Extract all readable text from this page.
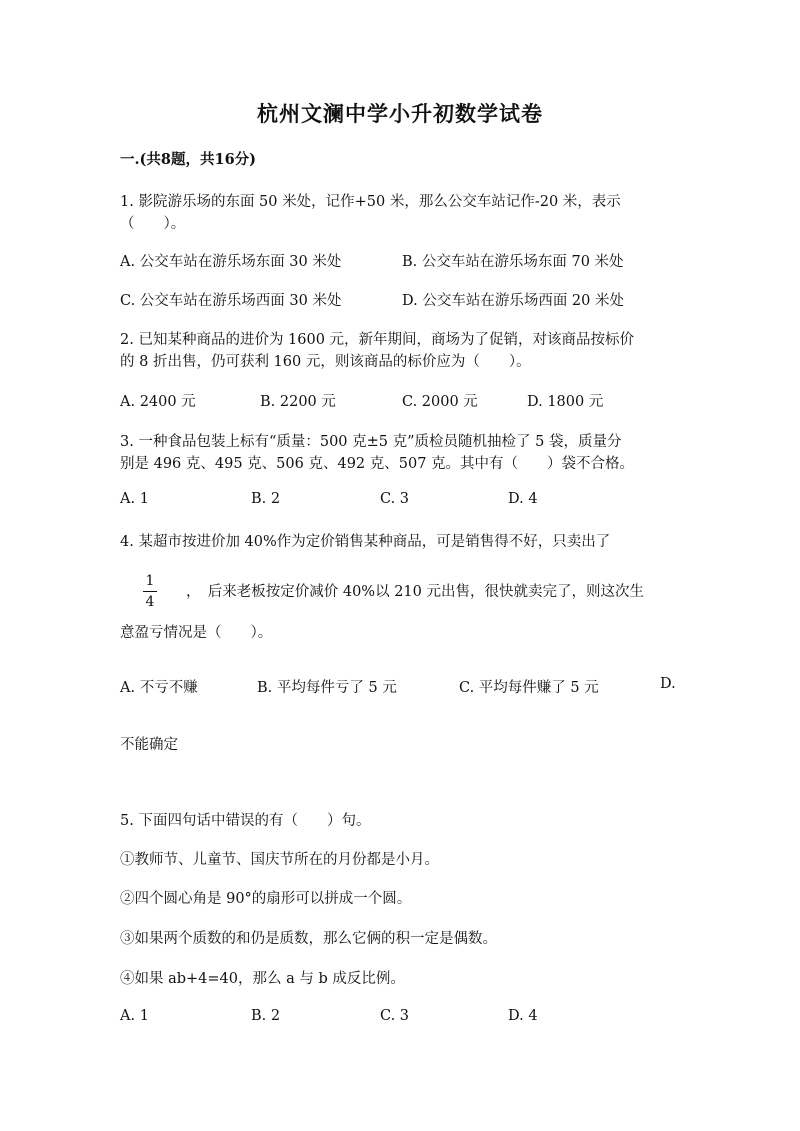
杭州文澜中学小升初数学试卷
一.(共8题，共16分)
1. 影院游乐场的东面 50 米处，记作+50 米，那么公交车站记作-20 米，表示
（　　）。
A. 公交车站在游乐场东面 30 米处	B. 公交车站在游乐场东面 70 米处
C. 公交车站在游乐场西面 30 米处	D. 公交车站在游乐场西面 20 米处
2. 已知某种商品的进价为 1600 元，新年期间，商场为了促销，对该商品按标价
的 8 折出售，仍可获利 160 元，则该商品的标价应为（　　）。
A. 2400 元	B. 2200 元	C. 2000 元	D. 1800 元
3. 一种食品包装上标有“质量：500 克±5 克”质检员随机抽检了 5 袋，质量分
别是 496 克、495 克、506 克、492 克、507 克。其中有（　　）袋不合格。
A. 1	B. 2	C. 3	D. 4
4. 某超市按进价加 40%作为定价销售某种商品，可是销售得不好，只卖出了
1
4
，　后来老板按定价减价 40%以 210 元出售，很快就卖完了，则这次生
意盈亏情况是（　　）。
A. 不亏不赚	B. 平均每件亏了 5 元	C. 平均每件赚了 5 元	D.
不能确定
5. 下面四句话中错误的有（　　）句。
①教师节、儿童节、国庆节所在的月份都是小月。
②四个圆心角是 90°的扇形可以拼成一个圆。
③如果两个质数的和仍是质数，那么它俩的积一定是偶数。
④如果 ab+4=40，那么 a 与 b 成反比例。
A. 1	B. 2	C. 3	D. 4
